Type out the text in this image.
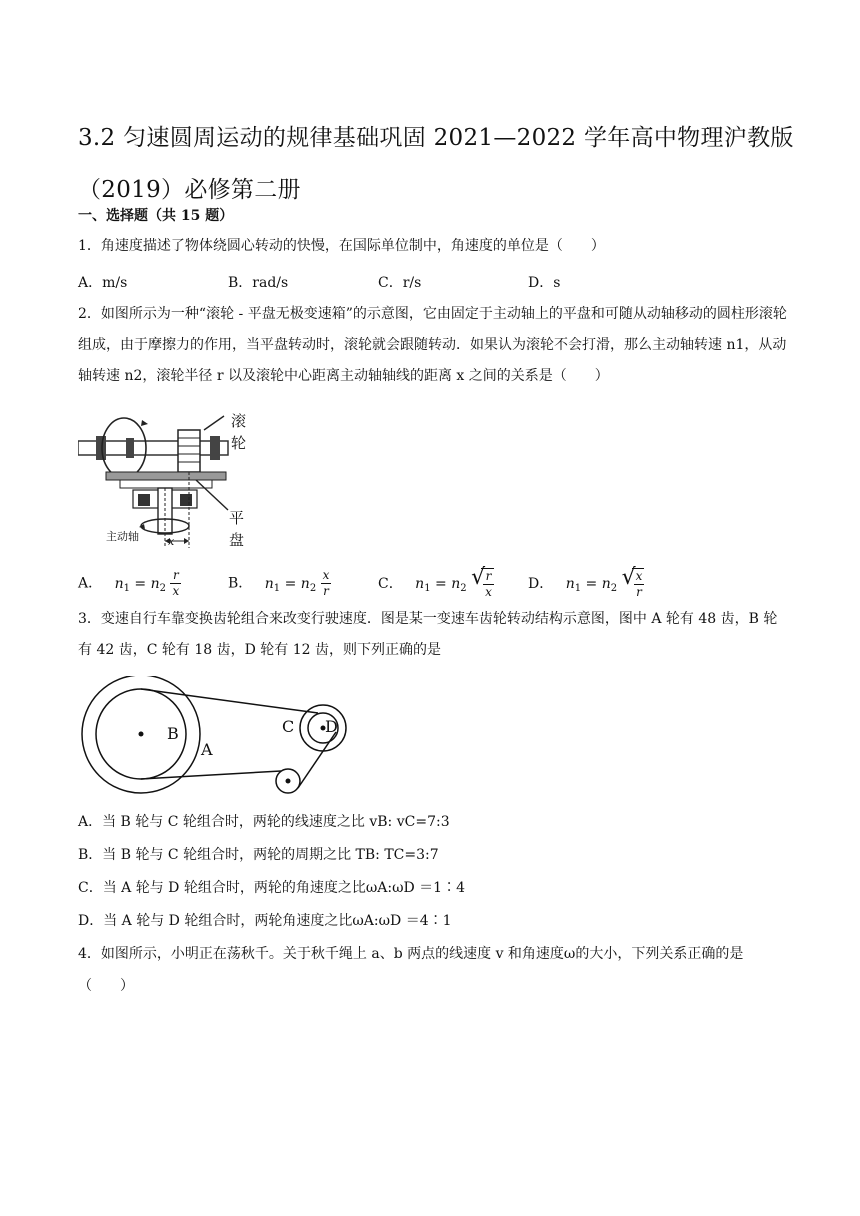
3.2 匀速圆周运动的规律基础巩固 2021—2022 学年高中物理沪教版
（2019）必修第二册
一、选择题（共 15 题）
1．角速度描述了物体绕圆心转动的快慢，在国际单位制中，角速度的单位是（　　）
A．m/s	B．rad/s	C．r/s	D．s
2．如图所示为一种“滚轮 - 平盘无极变速箱”的示意图，它由固定于主动轴上的平盘和可随从动轴移动的圆柱形滚轮组成，由于摩擦力的作用，当平盘转动时，滚轮就会跟随转动．如果认为滚轮不会打滑，那么主动轴转速 n1，从动轴转速 n2，滚轮半径 r 以及滚轮中心距离主动轴轴线的距离 x 之间的关系是（　　）
滚轮
平盘
主动轴	x
A． $n_1 = n_2 \frac{r}{x}$	B． $n_1 = n_2 \frac{x}{r}$	C． $n_1 = n_2$ √ $\frac{r}{x}$ D． $n_1 = n_2$ √ $\frac{x}{r}$
3．变速自行车靠变换齿轮组合来改变行驶速度．图是某一变速车齿轮转动结构示意图，图中 A 轮有 48 齿，B 轮有 42 齿，C 轮有 18 齿，D 轮有 12 齿，则下列正确的是
B
A
C D
A．当 B 轮与 C 轮组合时，两轮的线速度之比 vB: vC=7:3
B．当 B 轮与 C 轮组合时，两轮的周期之比 TB: TC=3:7
C．当 A 轮与 D 轮组合时，两轮的角速度之比ωA:ωD ＝1∶4
D．当 A 轮与 D 轮组合时，两轮角速度之比ωA:ωD ＝4∶1
4．如图所示，小明正在荡秋千。关于秋千绳上 a、b 两点的线速度 v 和角速度ω的大小，下列关系正确的是
（　　）
